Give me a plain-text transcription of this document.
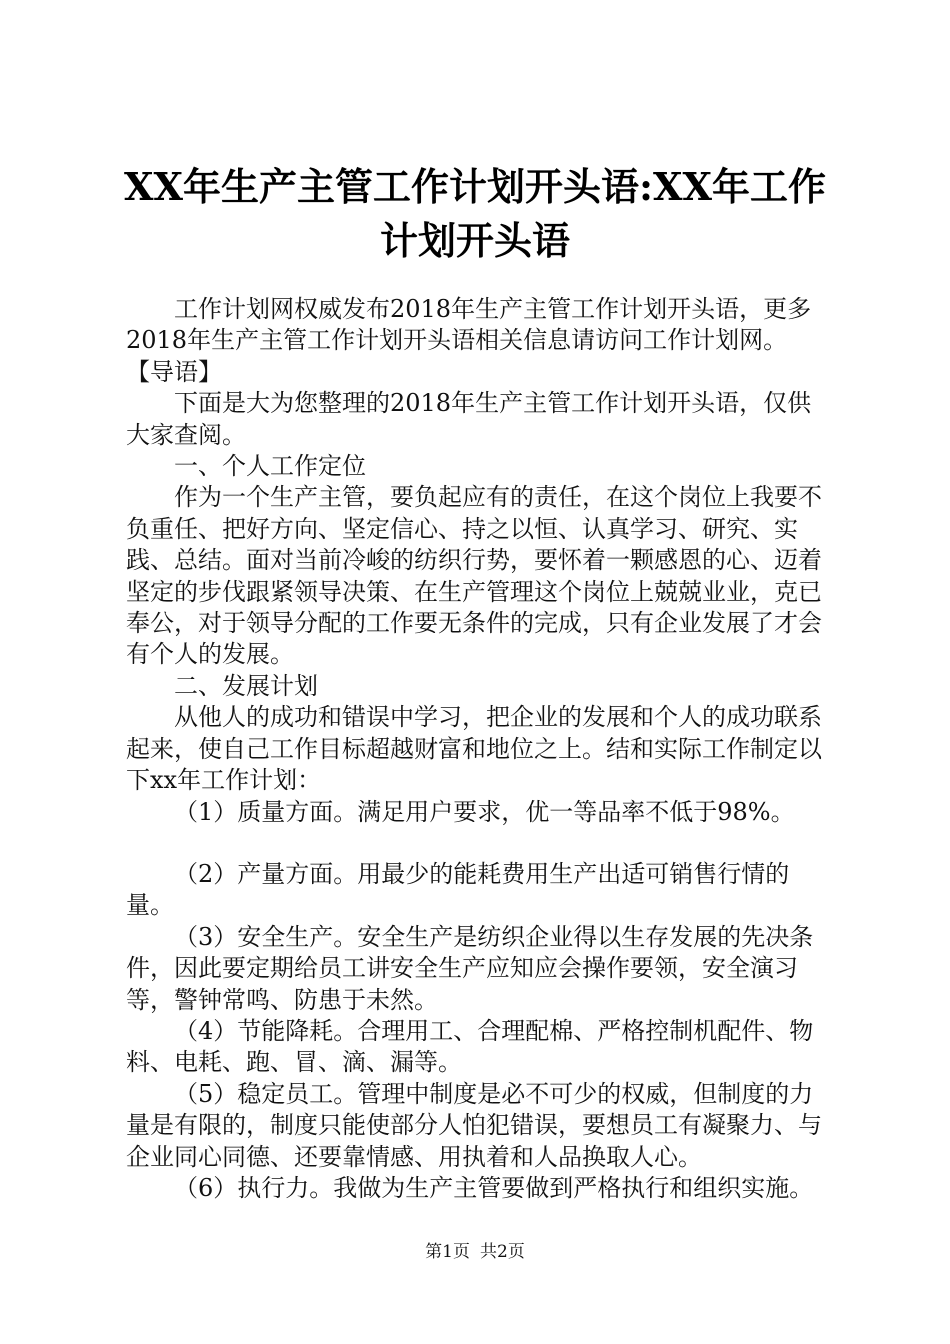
XX年生产主管工作计划开头语:XX年工作计划开头语

工作计划网权威发布2018年生产主管工作计划开头语，更多2018年生产主管工作计划开头语相关信息请访问工作计划网。

【导语】

下面是大为您整理的2018年生产主管工作计划开头语，仅供大家查阅。

一、个人工作定位

作为一个生产主管，要负起应有的责任，在这个岗位上我要不负重任、把好方向、坚定信心、持之以恒、认真学习、研究、实践、总结。面对当前冷峻的纺织行势，要怀着一颗感恩的心、迈着坚定的步伐跟紧领导决策、在生产管理这个岗位上兢兢业业，克已奉公，对于领导分配的工作要无条件的完成，只有企业发展了才会有个人的发展。

二、发展计划

从他人的成功和错误中学习，把企业的发展和个人的成功联系起来，使自己工作目标超越财富和地位之上。结和实际工作制定以下xx年工作计划：

（1）质量方面。满足用户要求，优一等品率不低于98%。

（2）产量方面。用最少的能耗费用生产出适可销售行情的量。

（3）安全生产。安全生产是纺织企业得以生存发展的先决条件，因此要定期给员工讲安全生产应知应会操作要领，安全演习等，警钟常鸣、防患于未然。

（4）节能降耗。合理用工、合理配棉、严格控制机配件、物料、电耗、跑、冒、滴、漏等。

（5）稳定员工。管理中制度是必不可少的权威，但制度的力量是有限的，制度只能使部分人怕犯错误，要想员工有凝聚力、与企业同心同德、还要靠情感、用执着和人品换取人心。

（6）执行力。我做为生产主管要做到严格执行和组织实施。

第1页 共2页
